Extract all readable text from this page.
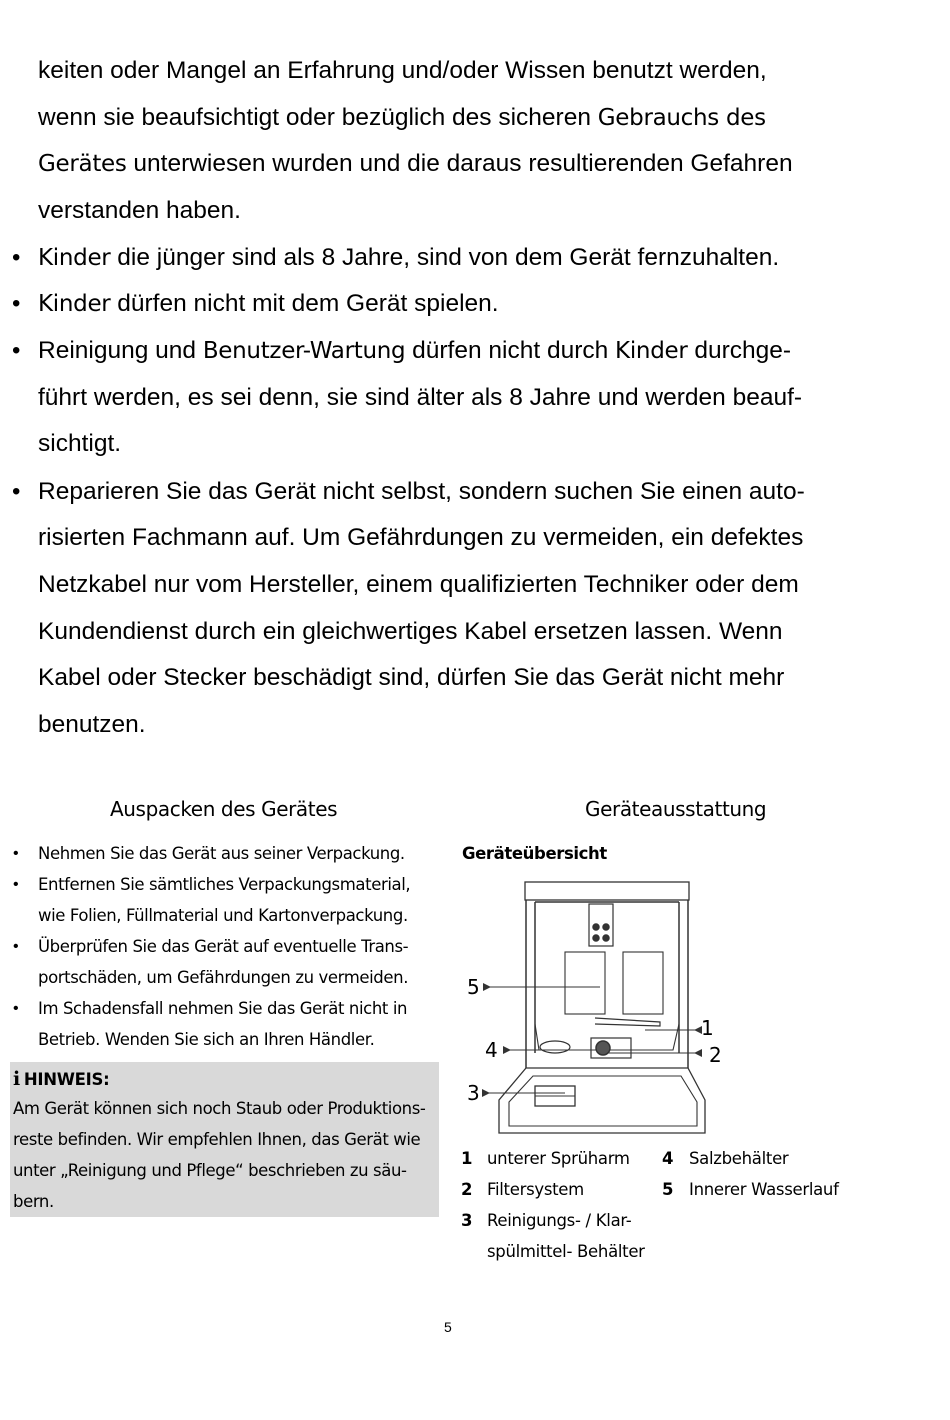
keiten oder Mangel an Erfahrung und/oder Wissen benutzt werden,
wenn sie beaufsichtigt oder bezüglich des sicheren Gebrauchs des
Gerätes unterwiesen wurden und die daraus resultierenden Gefahren
verstanden haben.
• Kinder die jünger sind als 8 Jahre, sind von dem Gerät fernzuhalten.
• Kinder dürfen nicht mit dem Gerät spielen.
• Reinigung und Benutzer-Wartung dürfen nicht durch Kinder durchge-
führt werden, es sei denn, sie sind älter als 8 Jahre und werden beauf-
sichtigt.
• Reparieren Sie das Gerät nicht selbst, sondern suchen Sie einen auto-
risierten Fachmann auf. Um Gefährdungen zu vermeiden, ein defektes
Netzkabel nur vom Hersteller, einem qualifizierten Techniker oder dem
Kundendienst durch ein gleichwertiges Kabel ersetzen lassen. Wenn
Kabel oder Stecker beschädigt sind, dürfen Sie das Gerät nicht mehr
benutzen.
Auspacken des Gerätes
• Nehmen Sie das Gerät aus seiner Verpackung.
• Entfernen Sie sämtliches Verpackungsmaterial,
wie Folien, Füllmaterial und Kartonverpackung.
• Überprüfen Sie das Gerät auf eventuelle Trans-
portschäden, um Gefährdungen zu vermeiden.
• Im Schadensfall nehmen Sie das Gerät nicht in
Betrieb. Wenden Sie sich an Ihren Händler.
i HINWEIS:
Am Gerät können sich noch Staub oder Produktions-
reste befinden. Wir empfehlen Ihnen, das Gerät wie
unter „Reinigung und Pflege“ beschrieben zu säu-
bern.
Geräteausstattung
Geräteübersicht
5
4
3
1
2
1 unterer Sprüharm
2 Filtersystem
3 Reinigungs- / Klar-
spülmittel- Behälter
4 Salzbehälter
5 Innerer Wasserlauf
5
